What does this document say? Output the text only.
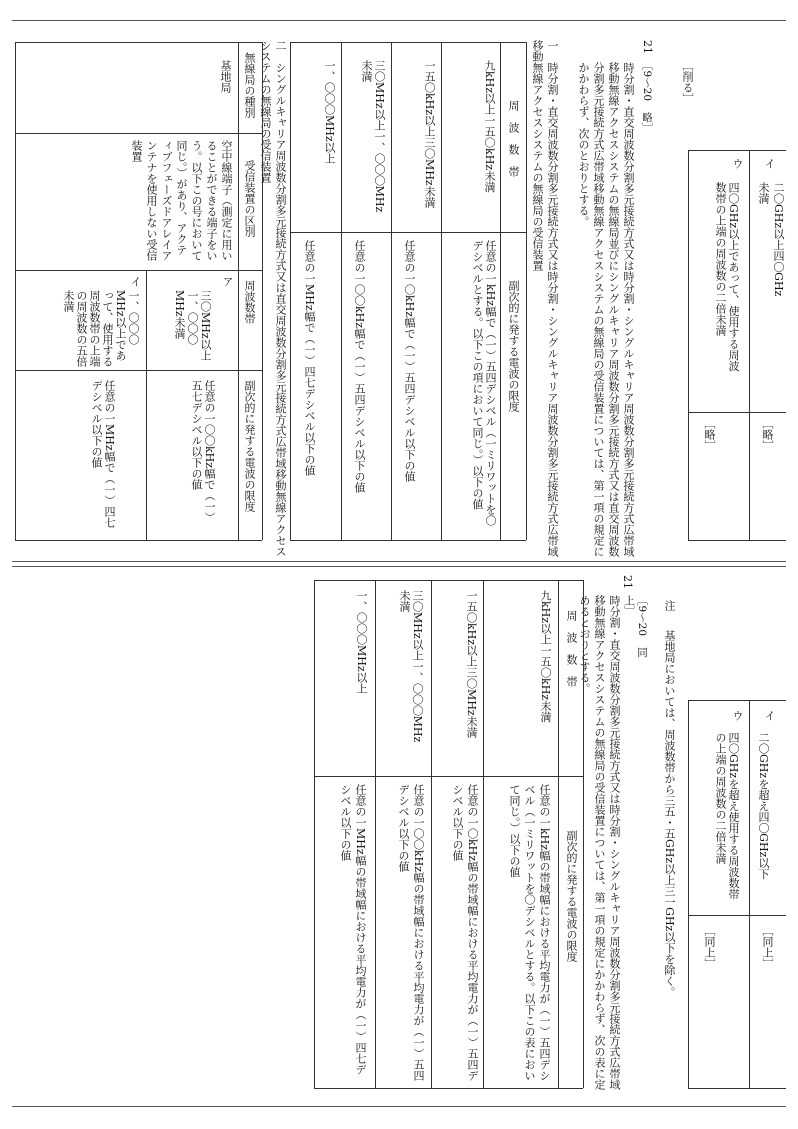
［削る］
イ
二〇GHz以上四〇GHz未満
［略］
ウ
四〇GHz以上であって、使用する周波数帯の上端の周波数の二倍未満
［略］
21
［9～20　略］
時分割・直交周波数分割多元接続方式又は時分割・シングルキャリア周波数分割多元接続方式広帯域移動無線アクセスシステムの無線局並びにシングルキャリア周波数分割多元接続方式又は直交周波数分割多元接続方式広帯域移動無線アクセスシステムの無線局の受信装置については、第一項の規定にかかわらず、次のとおりとする。
一　時分割・直交周波数分割多元接続方式又は時分割・シングルキャリア周波数分割多元接続方式広帯域移動無線アクセスシステムの無線局の受信装置
周　波　数　帯
副次的に発する電波の限度
九kHz以上一五〇kHz未満
任意の一kHz幅で（一）五四デシベル（一ミリワットを〇デシベルとする。以下この項において同じ。）以下の値
一五〇kHz以上三〇MHz未満
任意の一〇kHz幅で（一）五四デシベル以下の値
三〇MHz以上一、〇〇〇MHz未満
任意の一〇〇kHz幅で（一）五四デシベル以下の値
一、〇〇〇MHz以上
任意の一MHz幅で（一）四七デシベル以下の値
二　シングルキャリア周波数分割多元接続方式又は直交周波数分割多元接続方式広帯域移動無線アクセスシステムの無線局の受信装置
無線局の種別
受信装置の区別
周波数帯
副次的に発する電波の限度
基地局
空中線端子（測定に用いることができる端子をいう。以下この号において同じ。）があり、アクティブフェーズドアレイアンテナを使用しない受信装置
ア
三〇MHz以上一、〇〇〇MHz未満
任意の一〇〇kHz幅で（一）五七デシベル以下の値
イ
一、〇〇〇MHz以上であって、使用する周波数帯の上端の周波数の五倍未満
任意の一MHz幅で（一）四七デシベル以下の値
イ
二〇GHzを超え四〇GHz以下
［同上］
ウ
四〇GHzを超え使用する周波数帯の上端の周波数の二倍未満
［同上］
注
基地局においては、周波数帯から三五・五GHz以上三一GHz以下を除く。
21
［9～20　同上］
時分割・直交周波数分割多元接続方式又は時分割・シングルキャリア周波数分割多元接続方式広帯域移動無線アクセスシステムの無線局の受信装置については、第一項の規定にかかわらず、次の表に定めるとおりとする。
周　波　数　帯
副次的に発する電波の限度
九kHz以上一五〇kHz未満
任意の一kHz幅の帯域幅における平均電力が（一）五四デシベル（一ミリワットを〇デシベルとする。以下この表において同じ。）以下の値
一五〇kHz以上三〇MHz未満
任意の一〇kHz幅の帯域幅における平均電力が（一）五四デシベル以下の値
三〇MHz以上一、〇〇〇MHz未満
任意の一〇〇kHz幅の帯域幅における平均電力が（一）五四デシベル以下の値
一、〇〇〇MHz以上
任意の一MHz幅の帯域幅における平均電力が（一）四七デシベル以下の値
